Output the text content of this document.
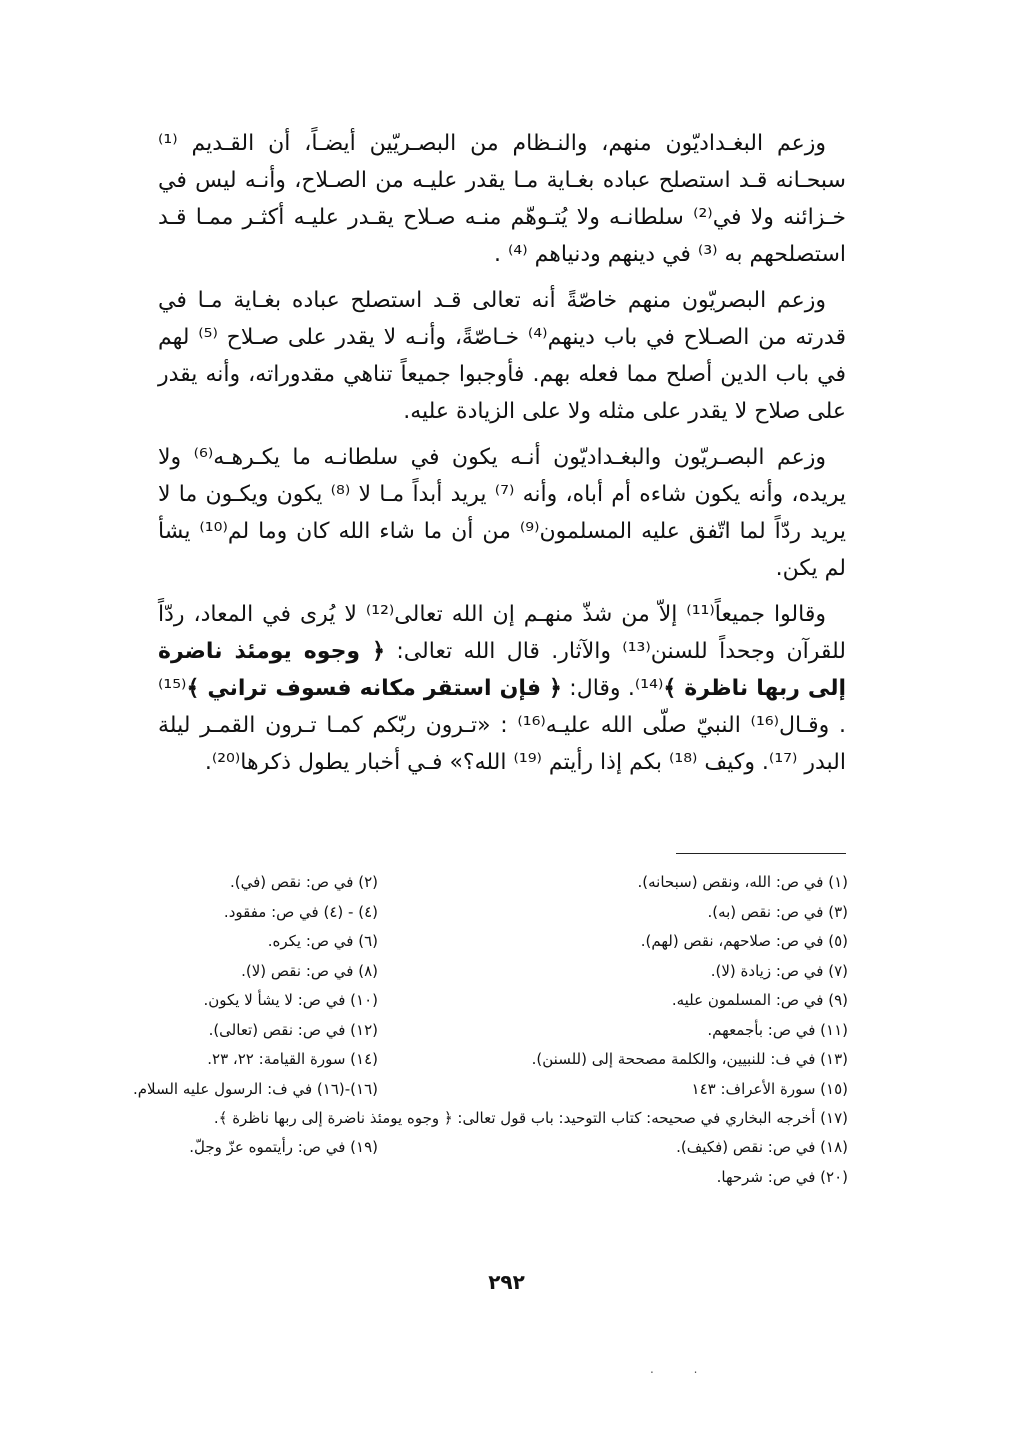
وزعم البغـداديّون منهم، والنـظام من البصـريّين أيضـاً، أن القـديم ⁽¹⁾ سبحـانه قـد استصلح عباده بغـاية مـا يقدر عليـه من الصـلاح، وأنـه ليس في خـزائنه ولا في⁽²⁾ سلطانـه ولا يُتـوهّم منـه صـلاح يقـدر عليـه أكثـر ممـا قـد استصلحهم به ⁽³⁾ في دينهم ودنياهم ⁽⁴⁾ .

وزعم البصريّون منهم خاصّةً أنه تعالى قـد استصلح عباده بغـاية مـا في قدرته من الصـلاح في باب دينهم⁽⁴⁾ خـاصّةً، وأنـه لا يقدر على صـلاح ⁽⁵⁾ لهم في باب الدين أصلح مما فعله بهم. فأوجبوا جميعاً تناهي مقدوراته، وأنه يقدر على صلاح لا يقدر على مثله ولا على الزيادة عليه.

وزعم البصـريّون والبغـداديّون أنـه يكون في سلطانـه ما يكـرهـه⁽⁶⁾ ولا يريده، وأنه يكون شاءه أم أباه، وأنه ⁽⁷⁾ يريد أبداً مـا لا ⁽⁸⁾ يكون ويكـون ما لا يريد ردّاً لما اتّفق عليه المسلمون⁽⁹⁾ من أن ما شاء الله كان وما لم⁽¹⁰⁾ يشأ لم يكن.

وقالوا جميعاً⁽¹¹⁾ إلاّ من شذّ منهـم إن الله تعالى⁽¹²⁾ لا يُرى في المعاد، ردّاً للقرآن وجحداً للسنن⁽¹³⁾ والآثار. قال الله تعالى: ﴿ وجوه يومئذ ناضرة إلى ربها ناظرة ﴾⁽¹⁴⁾. وقال: ﴿ فإن استقر مكانه فسوف تراني ﴾⁽¹⁵⁾ . وقـال⁽¹⁶⁾ النبيّ صلّى الله عليـه⁽¹⁶⁾ : «تـرون ربّكم كمـا تـرون القمـر ليلة البدر ⁽¹⁷⁾. وكيف ⁽¹⁸⁾ بكم إذا رأيتم ⁽¹⁹⁾ الله؟» فـي أخبار يطول ذكرها⁽²⁰⁾.

(١) في ص: الله، ونقص (سبحانه).
(٢) في ص: نقص (في).
(٣) في ص: نقص (به).
(٤) - (٤) في ص: مفقود.
(٥) في ص: صلاحهم، نقص (لهم).
(٦) في ص: يكره.
(٧) في ص: زيادة (لا).
(٨) في ص: نقص (لا).
(٩) في ص: المسلمون عليه.
(١٠) في ص: لا يشأ لا يكون.
(١١) في ص: بأجمعهم.
(١٢) في ص: نقص (تعالى).
(١٣) في ف: للنبيين، والكلمة مصححة إلى (للسنن).
(١٤) سورة القيامة: ٢٢، ٢٣.
(١٥) سورة الأعراف: ١٤٣
(١٦)-(١٦) في ف: الرسول عليه السلام.
(١٧) أخرجه البخاري في صحيحه: كتاب التوحيد: باب قول تعالى: ﴿ وجوه يومئذ ناضرة إلى ربها ناظرة ﴾.
(١٨) في ص: نقص (فكيف).
(١٩) في ص: رأيتموه عزّ وجلّ.
(٢٠) في ص: شرحها.
٢٩٢
. .
